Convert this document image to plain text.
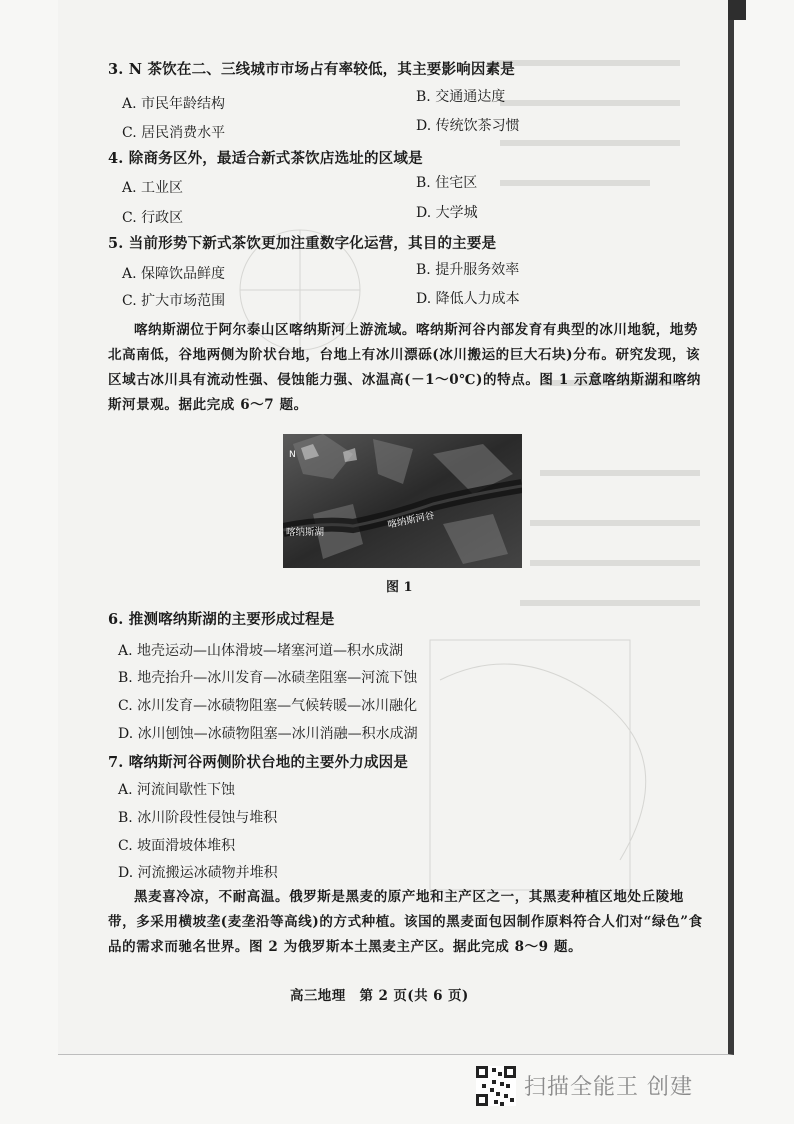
3. N 茶饮在二、三线城市市场占有率较低，其主要影响因素是
A. 市民年龄结构	B. 交通通达度
C. 居民消费水平	D. 传统饮茶习惯
4. 除商务区外，最适合新式茶饮店选址的区域是
A. 工业区	B. 住宅区
C. 行政区	D. 大学城
5. 当前形势下新式茶饮更加注重数字化运营，其目的主要是
A. 保障饮品鲜度	B. 提升服务效率
C. 扩大市场范围	D. 降低人力成本

喀纳斯湖位于阿尔泰山区喀纳斯河上游流域。喀纳斯河谷内部发育有典型的冰川地貌，地势北高南低，谷地两侧为阶状台地，台地上有冰川漂砾(冰川搬运的巨大石块)分布。研究发现，该区域古冰川具有流动性强、侵蚀能力强、冰温高(－1～0℃)的特点。图 1 示意喀纳斯湖和喀纳斯河景观。据此完成 6～7 题。

N
喀纳斯湖
喀纳斯河谷
图 1
6. 推测喀纳斯湖的主要形成过程是
A. 地壳运动—山体滑坡—堵塞河道—积水成湖
B. 地壳抬升—冰川发育—冰碛垄阻塞—河流下蚀
C. 冰川发育—冰碛物阻塞—气候转暖—冰川融化
D. 冰川刨蚀—冰碛物阻塞—冰川消融—积水成湖
7. 喀纳斯河谷两侧阶状台地的主要外力成因是
A. 河流间歇性下蚀
B. 冰川阶段性侵蚀与堆积
C. 坡面滑坡体堆积
D. 河流搬运冰碛物并堆积

黑麦喜冷凉，不耐高温。俄罗斯是黑麦的原产地和主产区之一，其黑麦种植区地处丘陵地带，多采用横坡垄(麦垄沿等高线)的方式种植。该国的黑麦面包因制作原料符合人们对“绿色”食品的需求而驰名世界。图 2 为俄罗斯本土黑麦主产区。据此完成 8～9 题。

高三地理　第 2 页(共 6 页)
扫描全能王 创建
